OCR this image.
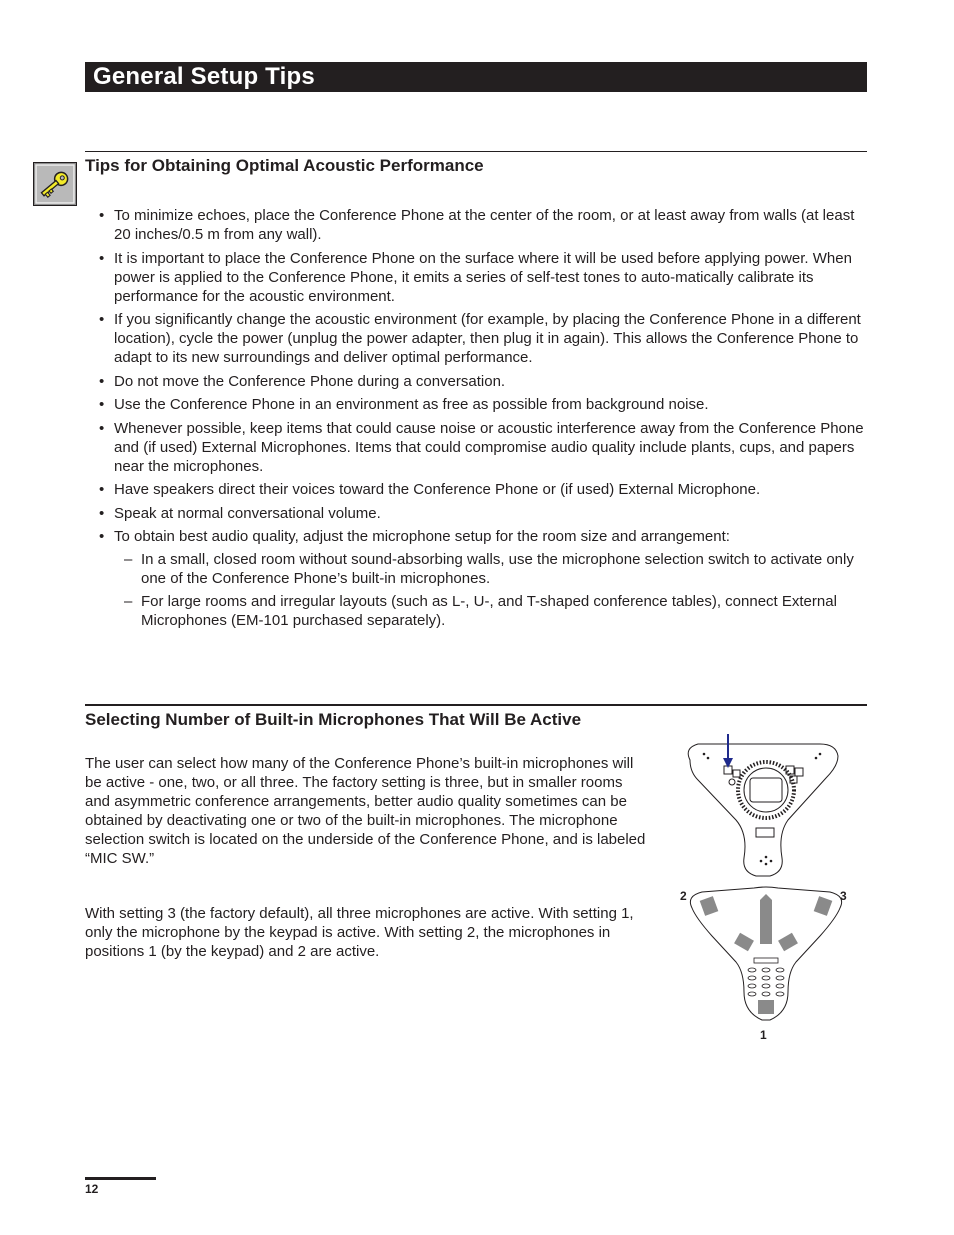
General Setup Tips
Tips for Obtaining Optimal Acoustic Performance
• To minimize echoes, place the Conference Phone at the center of the room, or at least away from walls (at least 20 inches/0.5 m from any wall).
• It is important to place the Conference Phone on the surface where it will be used before applying power. When power is applied to the Conference Phone, it emits a series of self-test tones to auto-matically calibrate its performance for the acoustic environment.
• If you significantly change the acoustic environment (for example, by placing the Conference Phone in a different location), cycle the power (unplug the power adapter, then plug it in again). This allows the Conference Phone to adapt to its new surroundings and deliver optimal performance.
• Do not move the Conference Phone during a conversation.
• Use the Conference Phone in an environment as free as possible from background noise.
• Whenever possible, keep items that could cause noise or acoustic interference away from the Conference Phone and (if used) External Microphones. Items that could compromise audio quality include plants, cups, and papers near the microphones.
• Have speakers direct their voices toward the Conference Phone or (if used) External Microphone.
• Speak at normal conversational volume.
• To obtain best audio quality, adjust the microphone setup for the room size and arrangement:
– In a small, closed room without sound-absorbing walls, use the microphone selection switch to activate only one of the Conference Phone’s built-in microphones.
– For large rooms and irregular layouts (such as L-, U-, and T-shaped conference tables), connect External Microphones (EM-101 purchased separately).
Selecting Number of Built-in Microphones That Will Be Active

The user can select how many of the Conference Phone’s built-in microphones will be active - one, two, or all three. The factory setting is three, but in smaller rooms and asymmetric conference arrangements, better audio quality sometimes can be obtained by deactivating one or two of the built-in microphones. The microphone selection switch is located on the underside of the Conference Phone, and is labeled “MIC SW.”

With setting 3 (the factory default), all three microphones are active. With setting 1, only the microphone by the keypad is active. With setting 2, the microphones in positions 1 (by the keypad) and 2 are active.

2	3
1
12
